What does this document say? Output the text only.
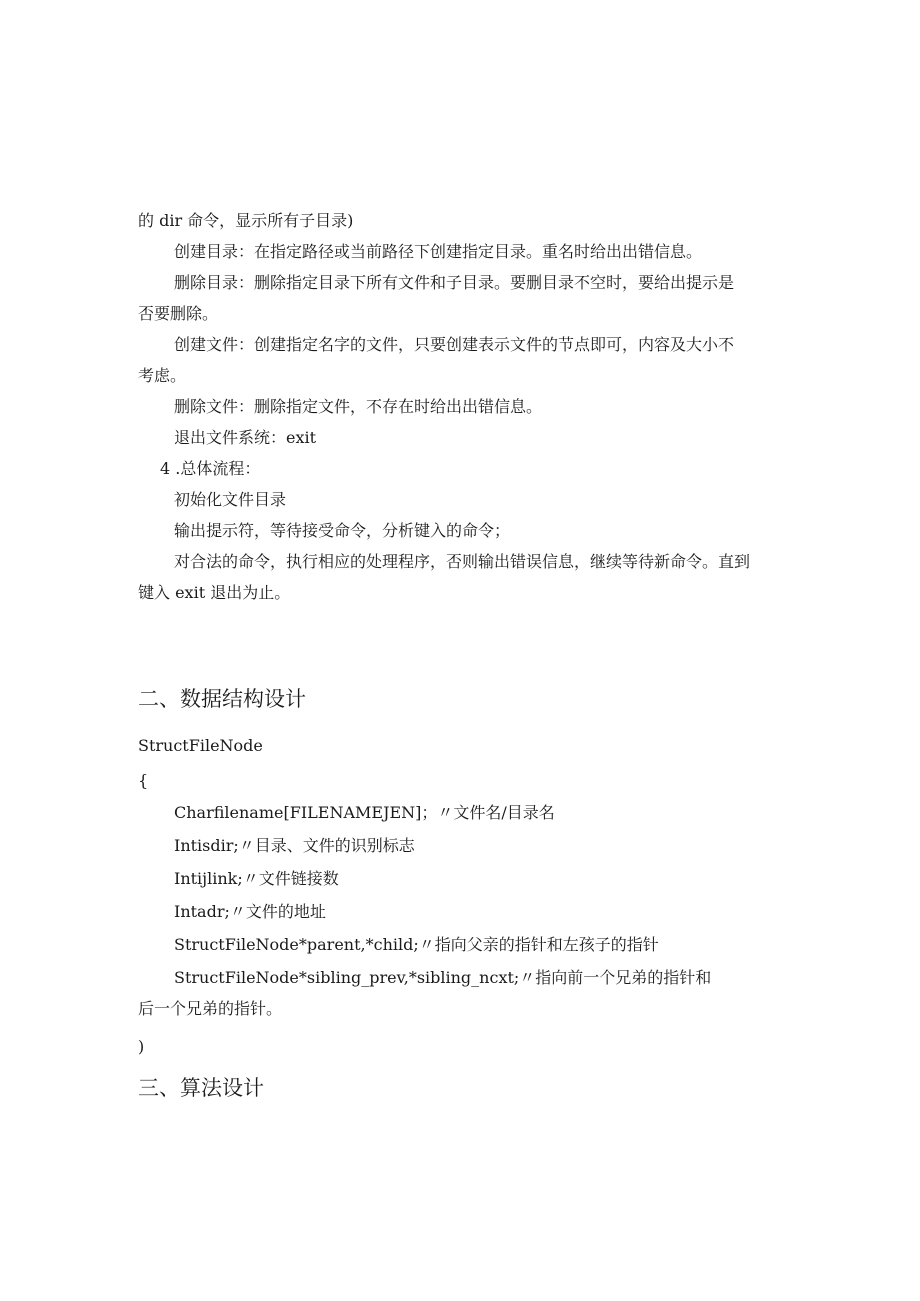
的 dir 命令，显示所有子目录)
创建目录：在指定路径或当前路径下创建指定目录。重名时给出出错信息。
删除目录：删除指定目录下所有文件和子目录。要删目录不空时，要给出提示是
否要删除。
创建文件：创建指定名字的文件，只要创建表示文件的节点即可，内容及大小不
考虑。
删除文件：删除指定文件，不存在时给出出错信息。
退出文件系统：exit
4 .总体流程：
初始化文件目录
输出提示符，等待接受命令，分析键入的命令；
对合法的命令，执行相应的处理程序，否则输出错误信息，继续等待新命令。直到
键入 exit 退出为止。
二、数据结构设计
StructFileNode
{
Charfilename[FILENAMEJEN]；〃文件名/目录名
Intisdir;〃目录、文件的识别标志
Intijlink;〃文件链接数
Intadr;〃文件的地址
StructFileNode*parent,*child;〃指向父亲的指针和左孩子的指针
StructFileNode*sibling_prev,*sibling_ncxt;〃指向前一个兄弟的指针和
后一个兄弟的指针。
)
三、算法设计
